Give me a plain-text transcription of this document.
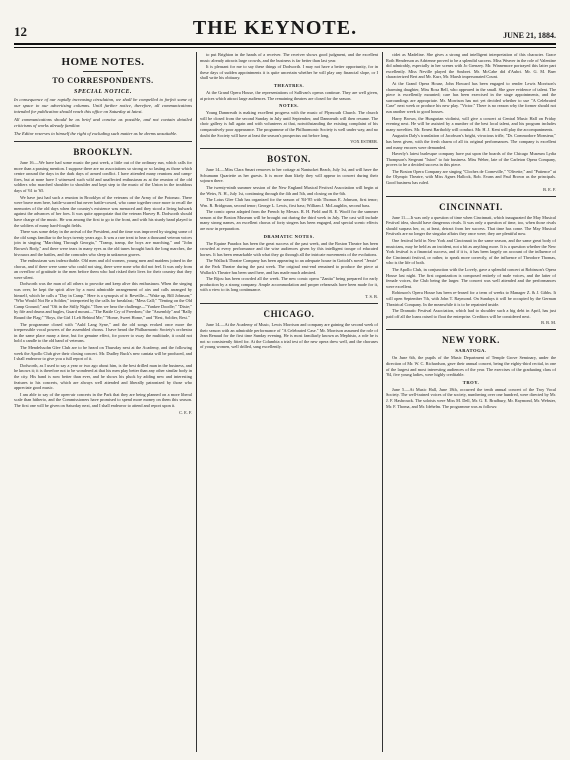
12	THE KEYNOTE.	JUNE 21, 1884.
HOME NOTES.
TO CORRESPONDENTS.
SPECIAL NOTICE.
In consequence of our rapidly increasing circulation, we shall be compelled to forfeit some of our space to our advertising columns. Until further notice, therefore, all communications intended for publication should reach this office on Saturday at latest.
All communications should be as brief and concise as possible, and not contain detailed criticisms of works already familiar.
The Editor reserves to himself the right of excluding such matter as he deems unsuitable.
BROOKLYN.

June 16.—We have had some music the past week, a little out of the ordinary run, which calls for more than a passing mention. I suppose there are no associations so strong or so lasting as those which centre around the days in the dark days of armed conflict. I have attended many reunions and camp-fires, but at none have I witnessed such wild and unaffected enthusiasm as at the reunion of the old soldiers who marched shoulder to shoulder and kept step to the music of the Union in the troublous days of '61 to '65.

We have just had such a reunion in Brooklyn of the veterans of the Army of the Potomac. There were brave men here, battle-scarred but never battle-cowed, who came together once more to recall the memories of the old days when the country's existence was menaced and they stood a living bulwark against the advances of her foes. It was quite appropriate that the veteran Harvey B. Dodworth should have charge of the music. He was among the first to go to the front, and with his sturdy band played to the soldiers of many hard-fought fields.

There was some delay in the arrival of the President, and the time was improved by singing some of the old songs familiar to the boys twenty years ago. It was a rare treat to hear a thousand veteran voices join in singing "Marching Through Georgia," "Tramp, tramp, the boys are marching," and "John Brown's Body," and there were tears in many eyes as the old tunes brought back the long marches, the bivouacs and the battles, and the comrades who sleep in unknown graves.

The enthusiasm was indescribable. Old men and old women, young men and maidens joined in the chorus, and if there were some who could not sing, there were none who did not feel. It was only from an overflow of gratitude to the men before them who had risked their lives for their country that they were silent.

Dodworth was the man of all others to provoke and keep alive this enthusiasm. When the singing was over, he kept the spirit alive by a most admirable arrangement of airs and calls arranged by himself, which he calls a "Day in Camp." Here is a synopsis of it: Reveille—"Wake up, Bill Johnson;" "Who Would Not Be a Soldier," interpreted by the calls for breakfast; "Mess Call;" "Tenting on the Old Camp Ground;" and "Oft in the Stilly Night." Then we hear the challenge—"Yankee Doodle;" "Dixie;" by fife and drums and bugles, Guard mount—"The Battle Cry of Freedom;" the "Assembly" and "Rally Round the Flag;" "Boys, the Girl I Left Behind Me;" "Home, Sweet Home," and "Rest, Soldier, Rest."

The programme closed with "Auld Lang Syne," and the old songs evoked once more the irrepressible vocal powers of the assembled chorus. I have heard the Philharmonic Society's orchestra in the same place many a time, but for genuine effect, for power to sway the multitude, it could not hold a candle to the old band of veterans.

The Mendelssohn Glee Club are to be heard on Thursday next at the Academy, and the following week the Apollo Club give their closing concert. Mr. Dudley Buck's new cantata will be produced, and I shall endeavor to give you a full report of it.

Dodworth, as I used to say a year or two ago about him, is the best drilled man in the business, and he knows it; it is therefore not to be wondered at that his men play better than any other similar body in the city. His band is now better than ever, and he shows his pluck by adding new and interesting features to his concerts, which are always well attended and liberally patronized by those who appreciate good music.

I am able to say of the open-air concerts in the Park that they are being planned on a more liberal scale than hitherto, and the Commissioners have promised to spend more money on them this season. The first one will be given on Saturday next, and I shall endeavor to attend and report upon it.

C. E. F.

to put Brighton in the hands of a receiver. The receiver shows good judgment, and the excellent music already attracts large crowds, and the business is far better than last year.

It is pleasant for me to say these things of Dodworth. I may not have a better opportunity, for in these days of sudden appointments it is quite uncertain whether he will play any financial slope, or I shall write his obituary.

THEATRES.

At the Grand Opera House, the representations of Sullivan's operas continue. They are well given, at prices which attract large audiences. The remaining theatres are closed for the season.

NOTES.

Young Dannreuth is making excellent progress with the music of Plymouth Church. The church will be closed from the second Sunday in July until September, and Dannreuth will then resume. The choir gallery is full again and with volunteers at that, notwithstanding the existing complaint of his comparatively poor appearance. The programme of the Philharmonic Society is well under way, and no doubt the Society will have at least the season's prospectus out before long.

VOX ESTHER.
BOSTON.

June 14.—Miss Clara Smart removes to her cottage at Nantucket Beach, July 1st, and will have the Schumann Quartette as her guests. It is more than likely they will appear in concert during their sojourn there.

The twenty-ninth summer session of the New England Musical Festival Association will begin at the Weirs, N. H., July 1st, continuing through the 4th and 5th, and closing on the 6th.

The Lotus Glee Club has organized for the season of '84-'85 with Thomas E. Johnson, first tenor; Wm. R. Bridgman, second tenor; George L. Lewis, first bass; William J. McLaughlin, second bass.

The comic opera adapted from the French by Messrs. R. H. Field and B. E. Woolf for the summer season at the Boston Museum will be brought out during the third week in July. The cast will include many strong names, an excellent chorus of forty singers has been engaged, and special scenic effects are now in preparation.

DRAMATIC NOTES.

The Equine Paradox has been the great success of the past week, and the Boston Theatre has been crowded at every performance and the wise audiences given by this intelligent troupe of educated horses. It has been remarkable with what they go through all the intricate movements of the evolutions.

The Wallack Theatre Company has been appearing to an adequate house in Gottold's novel "Jessie" at the Park Theatre during the past week. The original east-end remained to produce the piece at Wallack's Theatre has been used here, and has made much admired.

The Bijou has been crowded all the week. The new comic opera "Zanita" being prepared for early production by a strong company. Ample accommodation and proper rehearsals have been made for it, with a view to its long continuance.

T. S. B.
CHICAGO.

June 14.—At the Academy of Music, Lewis Morrison and company are gaining the second week of their season with an admirable performance of "A Celebrated Case." Mr. Morrison assumed the role of Jean Renaud for the first time Sunday evening. He is most familiarly known as Mephisto, a role he is not so consistently fitted for. At the Columbia a trial test of the new opera drew well, and the choruses of young women, well drilled, sang excellently.

cidet as Madeline. She gives a strong and intelligent interpretation of this character. Grace Roth Henderson as Adrienne proved to be a splendid success. Miss Weaver in the role of Valentine did admirably, especially in her scenes with Jo Grenzey. Mr. Winnemore portrayed this latter part excellently. Miss Neville played the Soubret. Mr. McCabe did d'Aubri. Mr. G. M. Baer characterized Bert and Mr. Kurr, Mr. Marsh impersonated Count.

At the Grand Opera House, John Howard has been engaged to render Lewis Morrison's charming daughter, Miss Rosa Bell, who appeared in the small. She gave evidence of talent. The piece is excellently mounted; care has been exercised in the stage appointments, and the surroundings are appropriate. Mr. Morrison has not yet decided whether to use "A Celebrated Case" next week or produce his new play. "Victor." There is no reason why the former should not run another week to good houses.

Harry Brown, the Hungarian violinist, will give a concert at Central Music Hall on Friday evening next. He will be assisted by a number of the best local talent, and his program includes many novelties. Mr. Ernest Bartholdy will conduct. Mr. H. J. Kent will play the accompaniments.

Augustin Daly's translation of Jacobson's bright, vivacious trifle, "Dr. Commodore Monsieur," has been given, with the fresh charm of all its original performances. The company is excellent and many encores were demanded.

Haverly's latest burlesque company have put upon the boards of the Chicago Museum Lydia Thompson's Sergeant "Ixion" to fair business. Miss Weber, late of the Carleton Opera Company, proves to be a decided success in this piece.

The Boston Opera Company are singing "Cloches de Corneville," "Olivette," and "Patience" at the Olympic Theatre, with Miss Agnes Hallock, Rob. Evans and Paul Brown as the principals. Good business has ruled.

B. E. F.
CINCINNATI.

June 11.—It was only a question of time when Cincinnati, which inaugurated the May Musical Festival idea, should have dangerous rivals. It was only a question of time, too, when those rivals should surpass her, or, at least, detract from her success. That time has come. The May Musical Festivals are no longer the singular affairs they once were; they are plentiful now.

One festival held in New York and Cincinnati in the same season, and the same great body of musicians, may be held as an incident, not a bit as anything more. It is a question whether the New York festival is a financial success, and if it is, it has been largely on account of the influence of the Cincinnati festival, or rather, to speak more correctly, of the influence of Theodore Thomas, who is the life of both.

The Apollo Club, in conjunction with the Lovely, gave a splendid concert at Robinson's Opera House last night. The first organization is composed entirely of male voices, and the latter of female voices, the Club being the larger. The concert was well attended and the performances were excellent.

Robinson's Opera House has been re-leased for a term of weeks to Manager Z. & J. Gibbs. It will open September 7th, with John T. Raymond. On Sundays it will be occupied by the German Theatrical Company. In the meanwhile it is to be repainted inside.

The Dramatic Festival Association, which had to shoulder such a big debt in April, has just paid off all the loans raised to float the enterprise. Creditors will be considered next.

B. B. M.
NEW YORK.
SARATOGA.

On June 6th, the pupils of the Music Department of Temple Grove Seminary, under the direction of Mr. W. C. Richardson, gave their annual concert, being the eighty-third recital, in one of the largest and most interesting audiences of the year. The exercises of the graduating class of '84, five young ladies, were highly creditable.

TROY.

June 5.—At Music Hall, June 18th, occurred the tenth annual concert of the Troy Vocal Society. The well-trained voices of the society, numbering over one hundred, were directed by Mr. J. F. Hasbrouck. The soloists were Miss M. Dell, Mr. G. E. Bradbury, Mr. Raymond, Mr. Webster, Mr. F. Thoma, and Mr. Idehelm. The programme was as follows:
